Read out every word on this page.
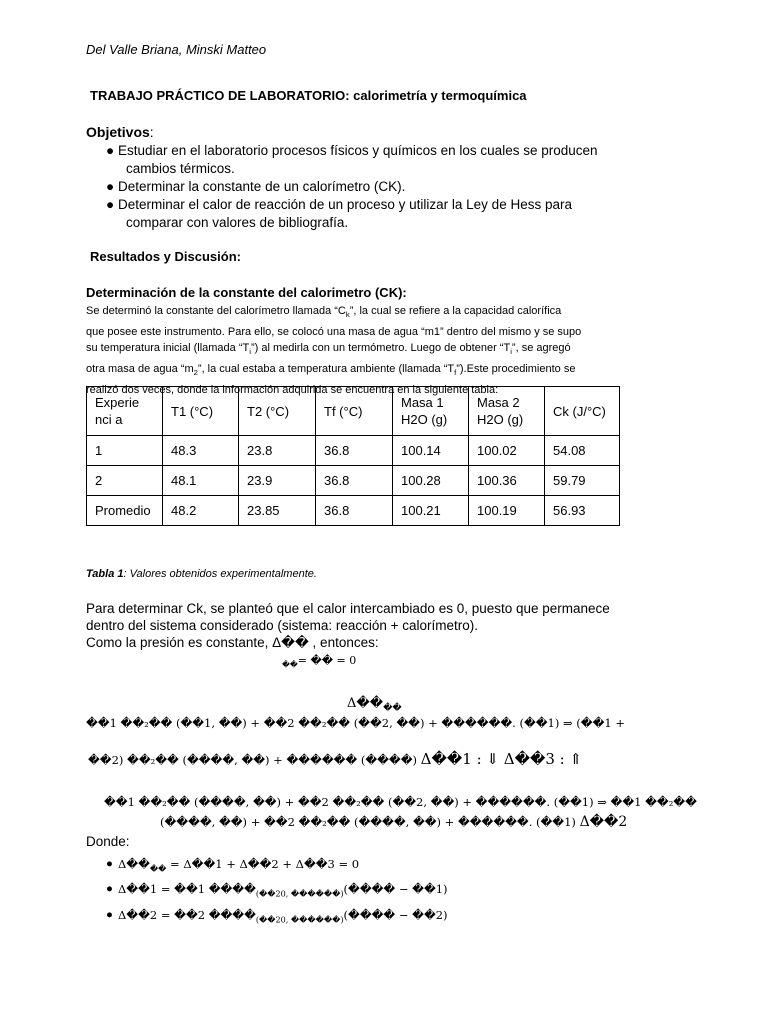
Del Valle Briana, Minski Matteo
TRABAJO PRÁCTICO DE LABORATORIO: calorimetría y termoquímica
Objetivos:
● Estudiar en el laboratorio procesos físicos y químicos en los cuales se producen
cambios térmicos.
● Determinar la constante de un calorímetro (CK).
● Determinar el calor de reacción de un proceso y utilizar la Ley de Hess para
comparar con valores de bibliografía.
Resultados y Discusión:
Determinación de la constante del calorimetro (CK):

Se determinó la constante del calorímetro llamada “$C_k$”, la cual se refiere a la capacidad calorífica

que posee este instrumento. Para ello, se colocó una masa de agua “m1” dentro del mismo y se supo

su temperatura inicial (llamada “$T_i$”) al medirla con un termómetro. Luego de obtener “$T_i$”, se agregó

otra masa de agua “$m_2$”, la cual estaba a temperatura ambiente (llamada “$T_f”).Este$ procedimiento se

realizó dos veces, donde la información adquirida se encuentra en la siguiente tabla:

Experie
nci a	T1 (°C)	T2 (°C)	Tf (°C)	Masa 1
H2O (g)	Masa 2
H2O (g)	Ck (J/°C)

1	48.3	23.8	36.8	100.14	100.02	54.08
2	48.1	23.9	36.8	100.28	100.36	59.79
Promedio	48.2	23.85	36.8	100.21	100.19	56.93
Tabla 1: Valores obtenidos experimentalmente.
Para determinar Ck, se planteó que el calor intercambiado es 0, puesto que permanece
dentro del sistema considerado (sistema: reacción + calorímetro).
Como la presión es constante, Δ�� , entonces:
$_{��}$= �� = 0
$\Delta��_{��}$
��1 ��₂�� (��1, ��) + ��2 ��₂�� (��2, ��) + ������. (��1) ⇒ (��1 +
��2) ��₂�� (����, ��) + ������ (����) Δ��1 : ⇓ Δ��3 : ⇑
��1 ��₂�� (����, ��) + ��2 ��₂�� (��2, ��) + ������. (��1) ⇒ ��1 ��₂��
(����, ��) + ��2 ��₂�� (����, ��) + ������. (��1) Δ��2
Donde:
● $\Delta��_{��}$ = Δ��1 + Δ��2 + Δ��3 = 0
● Δ��1 = ��1 $����_{(��20, ������)}(����$ − ��1)
● Δ��2 = ��2 $����_{(��20, ������)}(����$ − ��2)
